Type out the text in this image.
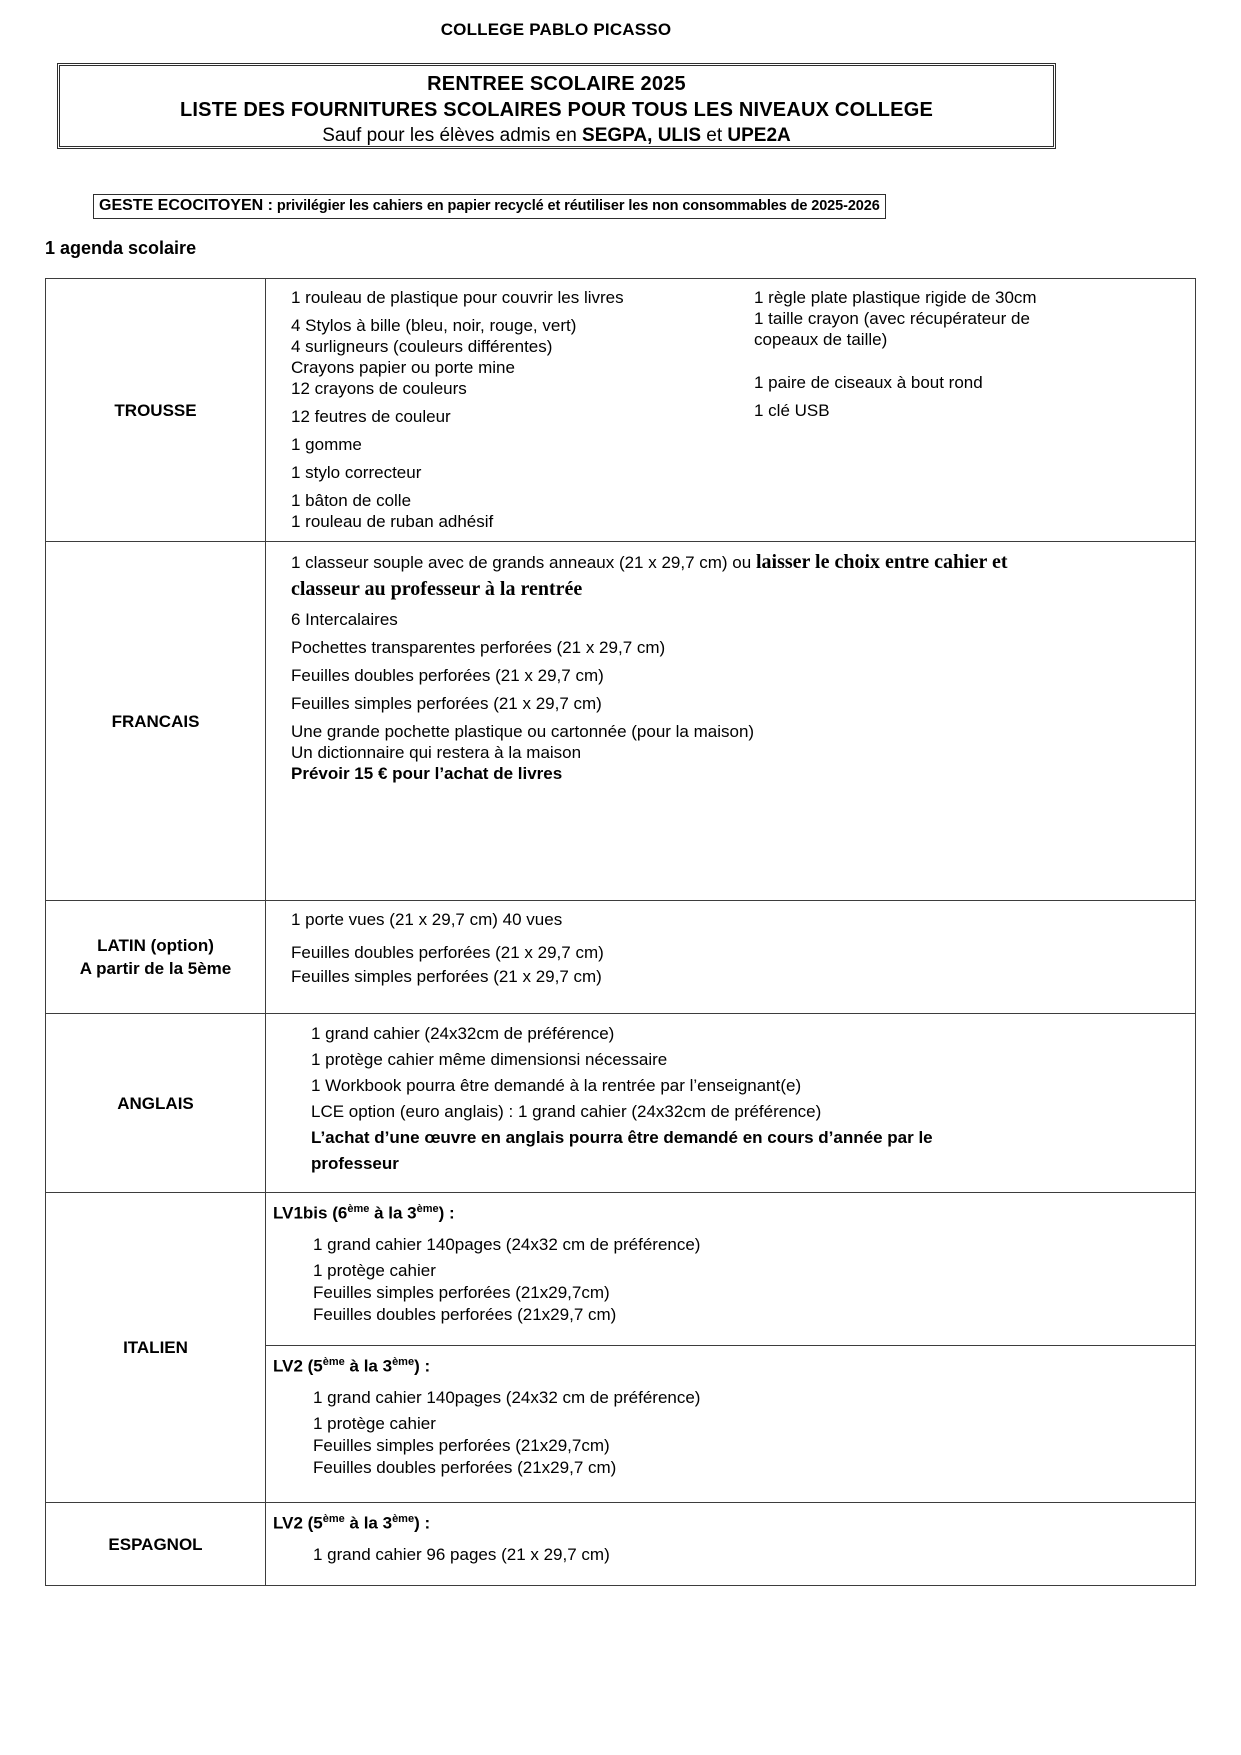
COLLEGE PABLO PICASSO
RENTREE SCOLAIRE 2025
LISTE DES FOURNITURES SCOLAIRES POUR TOUS LES NIVEAUX COLLEGE
Sauf pour les élèves admis en SEGPA, ULIS et UPE2A
GESTE ECOCITOYEN : privilégier les cahiers en papier recyclé et réutiliser les non consommables de 2025-2026
1 agenda scolaire
TROUSSE
1 rouleau de plastique pour couvrir les livres
4 Stylos à bille (bleu, noir, rouge, vert)
4 surligneurs (couleurs différentes)
Crayons papier ou porte mine
12 crayons de couleurs
12 feutres de couleur
1 gomme
1 stylo correcteur
1 bâton de colle
1 rouleau de ruban adhésif
1 règle plate plastique rigide de 30cm
1 taille crayon (avec récupérateur de copeaux de taille)
1 paire de ciseaux à bout rond
1 clé USB
FRANCAIS
1 classeur souple avec de grands anneaux (21 x 29,7 cm) ou laisser le choix entre cahier et classeur au professeur à la rentrée
6 Intercalaires
Pochettes transparentes perforées (21 x 29,7 cm)
Feuilles doubles perforées (21 x 29,7 cm)
Feuilles simples perforées (21 x 29,7 cm)
Une grande pochette plastique ou cartonnée (pour la maison)
Un dictionnaire qui restera à la maison
Prévoir 15 € pour l’achat de livres
LATIN (option)
A partir de la 5ème
1 porte vues (21 x 29,7 cm) 40 vues
Feuilles doubles perforées (21 x 29,7 cm)
Feuilles simples perforées (21 x 29,7 cm)
ANGLAIS
1 grand cahier (24x32cm de préférence)
1 protège cahier même dimensionsi nécessaire
1 Workbook pourra être demandé à la rentrée par l’enseignant(e)
LCE option (euro anglais) : 1 grand cahier (24x32cm de préférence)
L’achat d’une œuvre en anglais pourra être demandé en cours d’année par le professeur
ITALIEN
LV1bis (6ème à la 3ème) :
1 grand cahier 140pages (24x32 cm de préférence)
1 protège cahier
Feuilles simples perforées (21x29,7cm)
Feuilles doubles perforées (21x29,7 cm)
LV2 (5ème à la 3ème) :
1 grand cahier 140pages (24x32 cm de préférence)
1 protège cahier
Feuilles simples perforées (21x29,7cm)
Feuilles doubles perforées (21x29,7 cm)
ESPAGNOL
LV2 (5ème à la 3ème) :
1 grand cahier 96 pages (21 x 29,7 cm)
